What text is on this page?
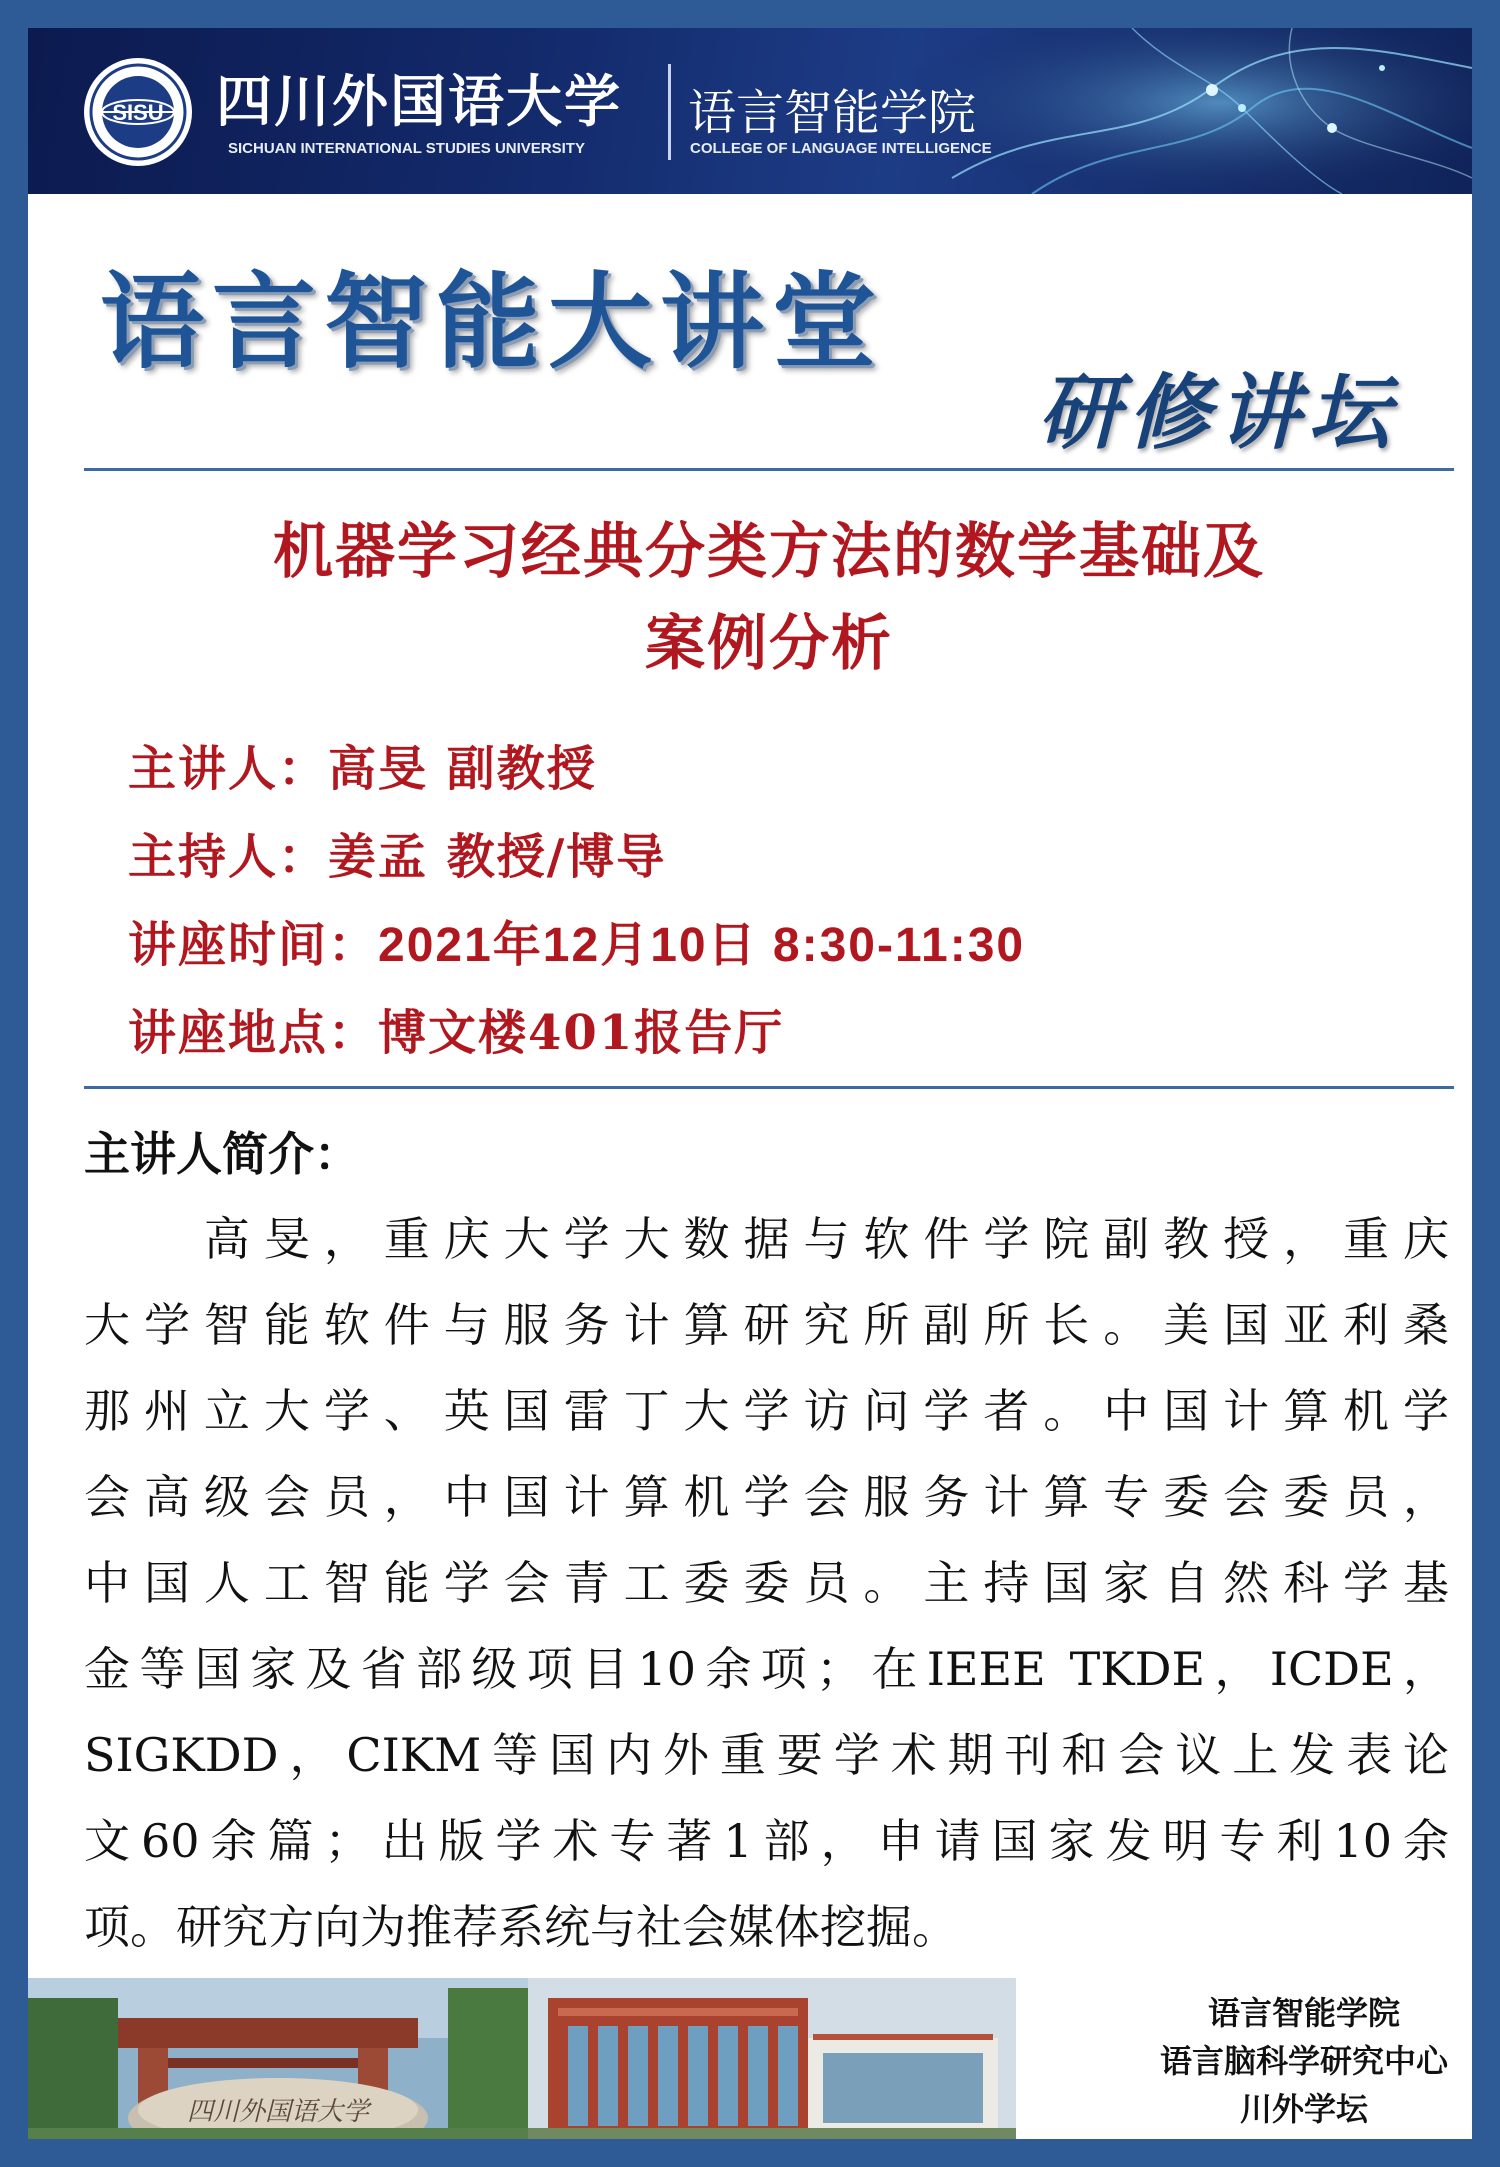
SISU 四川外国语大学
SICHUAN INTERNATIONAL STUDIES UNIVERSITY
语言智能学院
COLLEGE OF LANGUAGE INTELLIGENCE
语言智能大讲堂
研修讲坛
机器学习经典分类方法的数学基础及
案例分析
主讲人：高旻 副教授
主持人：姜孟 教授/博导
讲座时间：2021年12月10日 8:30-11:30
讲座地点：博文楼401报告厅
主讲人简介：
　　高旻，重庆大学大数据与软件学院副教授，重庆
大学智能软件与服务计算研究所副所长。美国亚利桑
那州立大学、英国雷丁大学访问学者。中国计算机学
会高级会员，中国计算机学会服务计算专委会委员，
中国人工智能学会青工委委员。主持国家自然科学基
金等国家及省部级项目10余项；在IEEE TKDE，ICDE，
SIGKDD，CIKM等国内外重要学术期刊和会议上发表论
文60余篇；出版学术专著1部，申请国家发明专利10余
项。研究方向为推荐系统与社会媒体挖掘。
四川外国语大学
语言智能学院
语言脑科学研究中心
川外学坛
